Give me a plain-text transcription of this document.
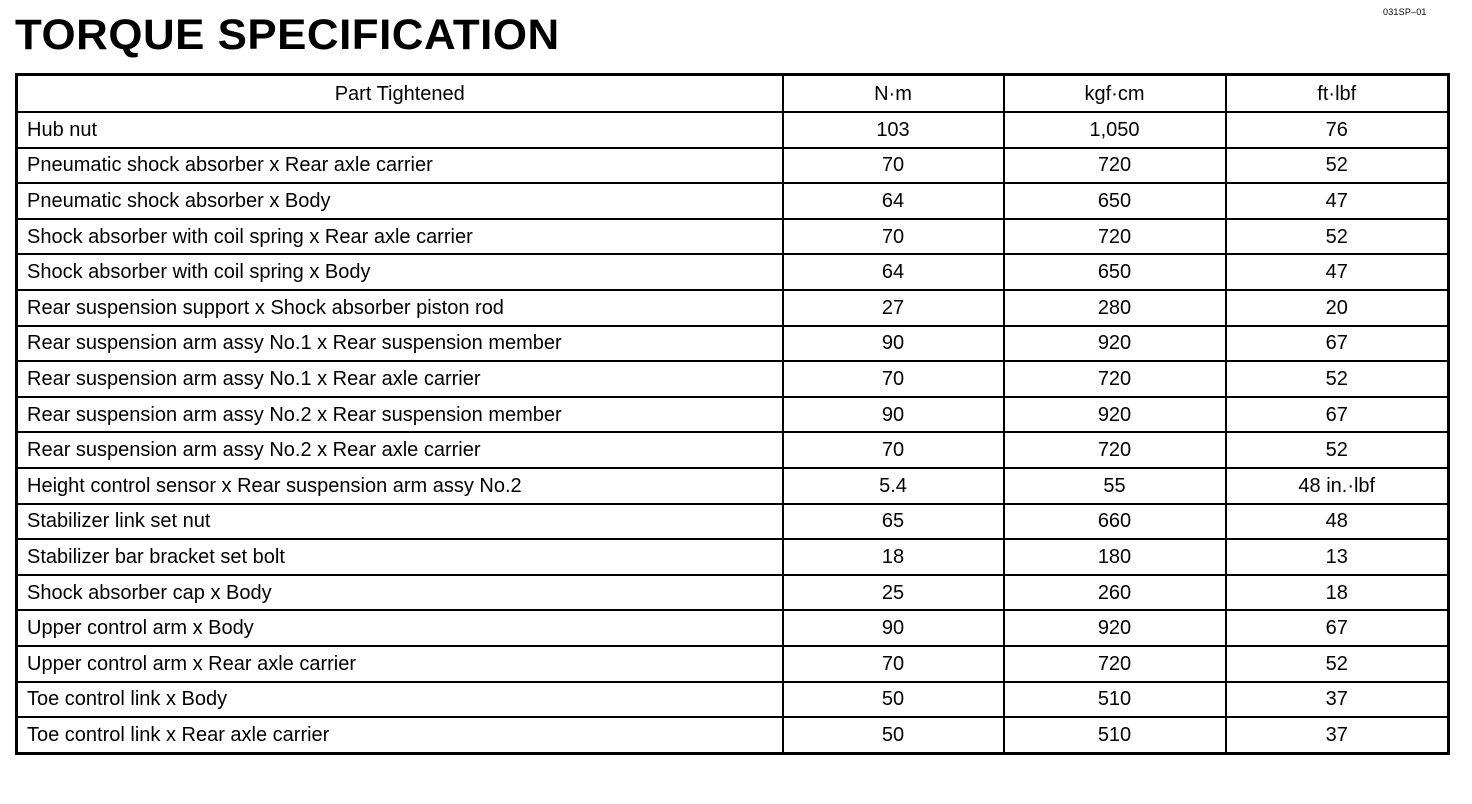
031SP–01
TORQUE SPECIFICATION
Part Tightened	N·m	kgf·cm	ft·lbf
Hub nut	103	1,050	76
Pneumatic shock absorber x Rear axle carrier	70	720	52
Pneumatic shock absorber x Body	64	650	47
Shock absorber with coil spring x Rear axle carrier	70	720	52
Shock absorber with coil spring x Body	64	650	47
Rear suspension support x Shock absorber piston rod	27	280	20
Rear suspension arm assy No.1 x Rear suspension member	90	920	67
Rear suspension arm assy No.1 x Rear axle carrier	70	720	52
Rear suspension arm assy No.2 x Rear suspension member	90	920	67
Rear suspension arm assy No.2 x Rear axle carrier	70	720	52
Height control sensor x Rear suspension arm assy No.2	5.4	55	48 in.·lbf
Stabilizer link set nut	65	660	48
Stabilizer bar bracket set bolt	18	180	13
Shock absorber cap x Body	25	260	18
Upper control arm x Body	90	920	67
Upper control arm x Rear axle carrier	70	720	52
Toe control link x Body	50	510	37
Toe control link x Rear axle carrier	50	510	37
